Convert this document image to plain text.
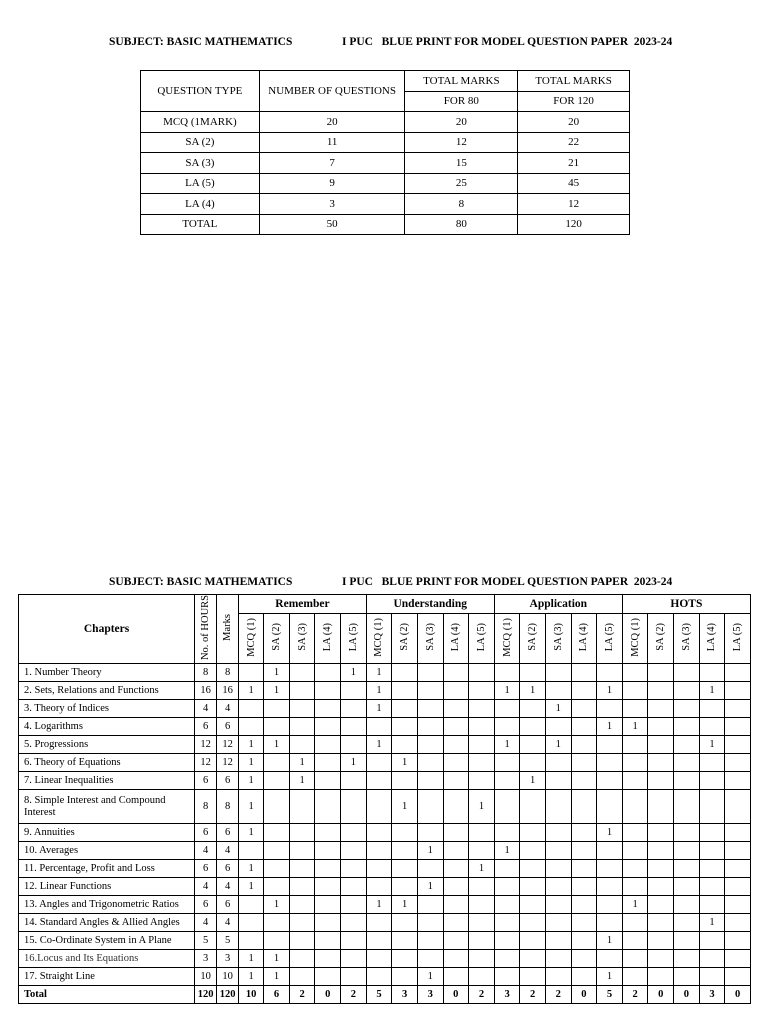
SUBJECT: BASIC MATHEMATICS	I PUC   BLUE PRINT FOR MODEL QUESTION PAPER  2023-24
QUESTION TYPE	NUMBER OF QUESTIONS	TOTAL MARKS	TOTAL MARKS
		FOR 80	FOR 120
MCQ (1MARK)	20	20	20
SA (2)	11	12	22
SA (3)	7	15	21
LA (5)	9	25	45
LA (4)	3	8	12
TOTAL	50	80	120
SUBJECT: BASIC MATHEMATICS	I PUC   BLUE PRINT FOR MODEL QUESTION PAPER  2023-24
Chapters	No. of HOURS	Marks	Remember					Understanding					Application					HOTS				
			MCQ (1)	SA (2)	SA (3)	LA (4)	LA (5)	MCQ (1)	SA (2)	SA (3)	LA (4)	LA (5)	MCQ (1)	SA (2)	SA (3)	LA (4)	LA (5)	MCQ (1)	SA (2)	SA (3)	LA (4)	LA (5)
1. Number Theory	8	8		1			1	1														
2. Sets, Relations and Functions	16	16	1	1				1					1	1			1				1	
3. Theory of Indices	4	4						1							1							
4. Logarithms	6	6															1	1				
5. Progressions	12	12	1	1				1					1		1						1	
6. Theory of Equations	12	12	1		1		1		1													
7. Linear Inequalities	6	6	1		1									1								
8. Simple Interest and Compound Interest	8	8	1						1			1										
9. Annuities	6	6	1														1					
10. Averages	4	4								1			1									
11. Percentage, Profit and Loss	6	6	1									1										
12. Linear Functions	4	4	1							1												
13. Angles and Trigonometric Ratios	6	6		1				1	1									1				
14. Standard Angles & Allied Angles	4	4																			1	
15. Co-Ordinate System in A Plane	5	5															1					
16.Locus and Its Equations	3	3	1	1																		
17. Straight Line	10	10	1	1						1							1					
Total	120	120	10	6	2	0	2	5	3	3	0	2	3	2	2	0	5	2	0	0	3	0
